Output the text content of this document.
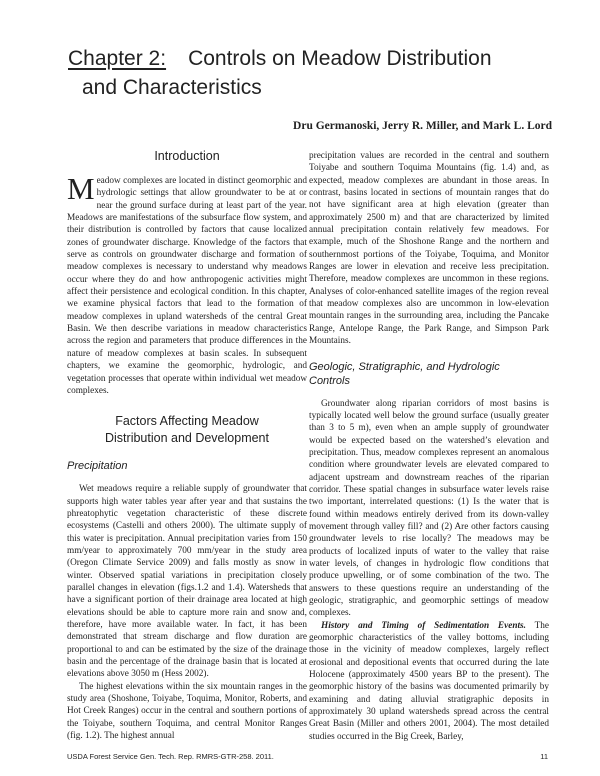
Chapter 2: Controls on Meadow Distribution
and Characteristics
Dru Germanoski, Jerry R. Miller, and Mark L. Lord
Introduction

Meadow complexes are located in distinct geomorphic and hydrologic settings that allow groundwater to be at or near the ground surface during at least part of the year. Meadows are manifestations of the subsurface flow system, and their distribution is controlled by factors that cause localized zones of groundwater discharge. Knowledge of the factors that serve as controls on groundwater discharge and formation of meadow complexes is necessary to understand why meadows occur where they do and how anthropogenic activities might affect their persistence and ecological condition. In this chapter, we examine physical factors that lead to the formation of meadow complexes in upland watersheds of the central Great Basin. We then describe variations in meadow characteristics across the region and parameters that produce differences in the nature of meadow complexes at basin scales. In subsequent chapters, we examine the geomorphic, hydrologic, and vegetation processes that operate within individual wet meadow complexes.

Factors Affecting Meadow
Distribution and Development
Precipitation

Wet meadows require a reliable supply of groundwater that supports high water tables year after year and that sustains the phreatophytic vegetation characteristic of these discrete ecosystems (Castelli and others 2000). The ultimate supply of this water is precipitation. Annual precipitation varies from 150 mm/year to approximately 700 mm/year in the study area (Oregon Climate Service 2009) and falls mostly as snow in winter. Observed spatial variations in precipitation closely parallel changes in elevation (figs.1.2 and 1.4). Watersheds that have a significant portion of their drainage area located at high elevations should be able to capture more rain and snow and, therefore, have more available water. In fact, it has been demonstrated that stream discharge and flow duration are proportional to and can be estimated by the size of the drainage basin and the percentage of the drainage basin that is located at elevations above 3050 m (Hess 2002).

The highest elevations within the six mountain ranges in the study area (Shoshone, Toiyabe, Toquima, Monitor, Roberts, and Hot Creek Ranges) occur in the central and southern portions of the Toiyabe, southern Toquima, and central Monitor Ranges (fig. 1.2). The highest annual

precipitation values are recorded in the central and southern Toiyabe and southern Toquima Mountains (fig. 1.4) and, as expected, meadow complexes are abundant in those areas. In contrast, basins located in sections of mountain ranges that do not have significant area at high elevation (greater than approximately 2500 m) and that are characterized by limited annual precipitation contain relatively few meadows. For example, much of the Shoshone Range and the northern and southernmost portions of the Toiyabe, Toquima, and Monitor Ranges are lower in elevation and receive less precipitation. Therefore, meadow complexes are uncommon in these regions. Analyses of color-enhanced satellite images of the region reveal that meadow complexes also are uncommon in low-elevation mountain ranges in the surrounding area, including the Pancake Range, Antelope Range, the Park Range, and Simpson Park Mountains.

Geologic, Stratigraphic, and Hydrologic
Controls

Groundwater along riparian corridors of most basins is typically located well below the ground surface (usually greater than 3 to 5 m), even when an ample supply of groundwater would be expected based on the watershed’s elevation and precipitation. Thus, meadow complexes represent an anomalous condition where groundwater levels are elevated compared to adjacent upstream and downstream reaches of the riparian corridor. These spatial changes in subsurface water levels raise two important, interrelated questions: (1) Is the water that is found within meadows entirely derived from its down-valley movement through valley fill? and (2) Are other factors causing groundwater levels to rise locally? The meadows may be products of localized inputs of water to the valley that raise water levels, of changes in hydrologic flow conditions that produce upwelling, or of some combination of the two. The answers to these questions require an understanding of the geologic, stratigraphic, and geomorphic settings of meadow complexes.

History and Timing of Sedimentation Events. The geomorphic characteristics of the valley bottoms, including those in the vicinity of meadow complexes, largely reflect erosional and depositional events that occurred during the late Holocene (approximately 4500 years BP to the present). The geomorphic history of the basins was documented primarily by examining and dating alluvial stratigraphic deposits in approximately 30 upland watersheds spread across the central Great Basin (Miller and others 2001, 2004). The most detailed studies occurred in the Big Creek, Barley,

USDA Forest Service Gen. Tech. Rep. RMRS-GTR-258. 2011.	11
